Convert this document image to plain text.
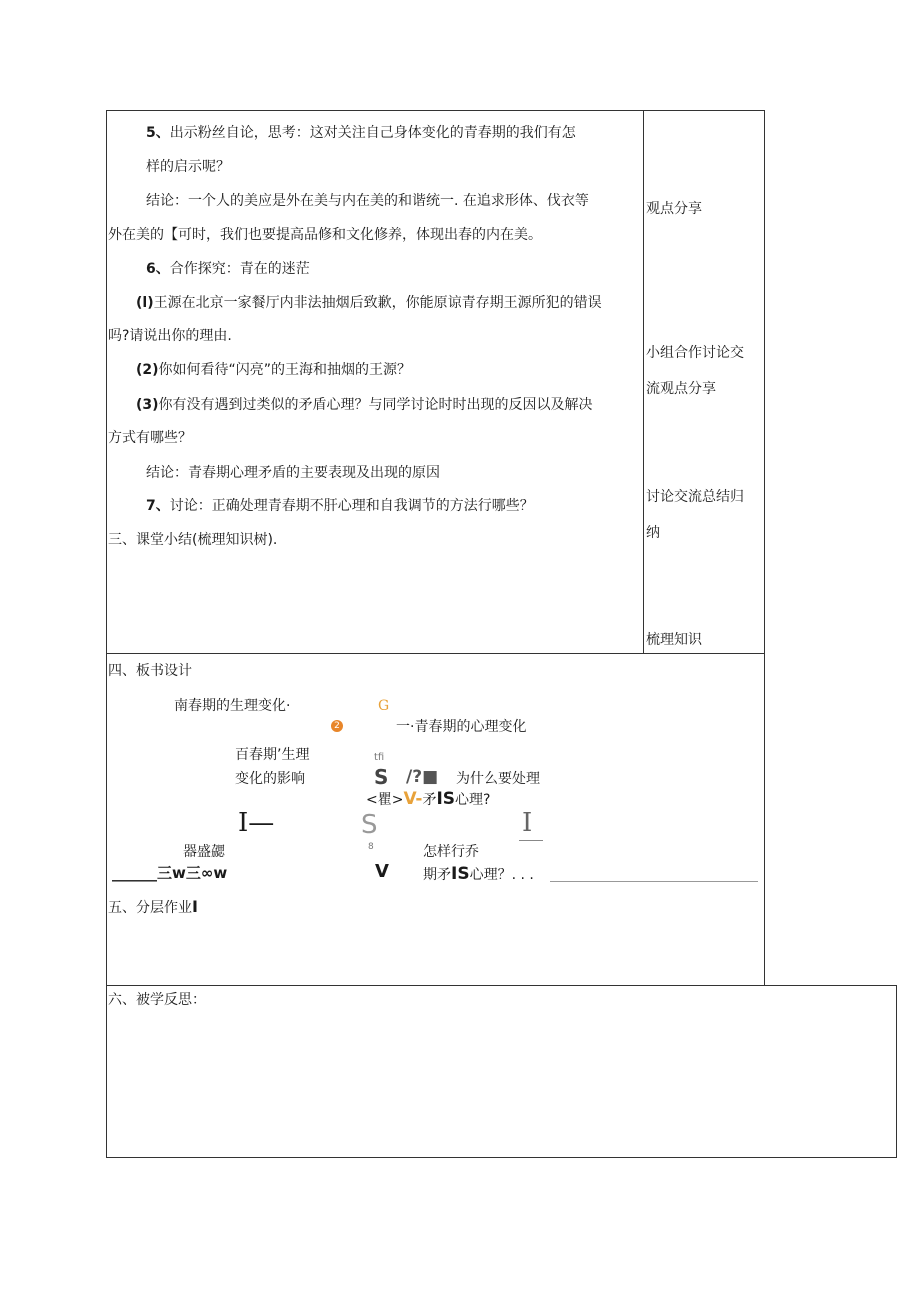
5、出示粉丝自论，思考：这对关注自己身体变化的青春期的我们有怎
样的启示呢？
结论：一个人的美应是外在美与内在美的和谐统一. 在追求形体、伐衣等
外在美的【可时，我们也要提高品修和文化修养，体现出春的内在美。
6、合作探究：青在的迷茫
(l)王源在北京一家餐厅内非法抽烟后致歉，你能原谅青存期王源所犯的错误
吗?请说出你的理由.
(2)你如何看待“闪亮”的王海和抽烟的王源？
(3)你有没有遇到过类似的矛盾心理？与同学讨论时时出现的反因以及解决
方式有哪些？
结论：青春期心理矛盾的主要表现及出现的原因
7、讨论：正确处理青春期不肝心理和自我调节的方法行哪些？
三、课堂小结(梳理知识树).
观点分享
小组合作讨论交
流观点分享
讨论交流总结归
纳
梳理知识
四、板书设计
南春期的生理变化·	G
2	一·青春期的心理变化
百春期’生理
变化的影响
tfi
S /?■ 为什么要处理
<瞿>V-矛IS心理?
I—	S	I
器盛勰	8	怎样行乔
______三w三∞w	V 期矛IS心理？. . .
五、分层作业I
六、被学反思：
